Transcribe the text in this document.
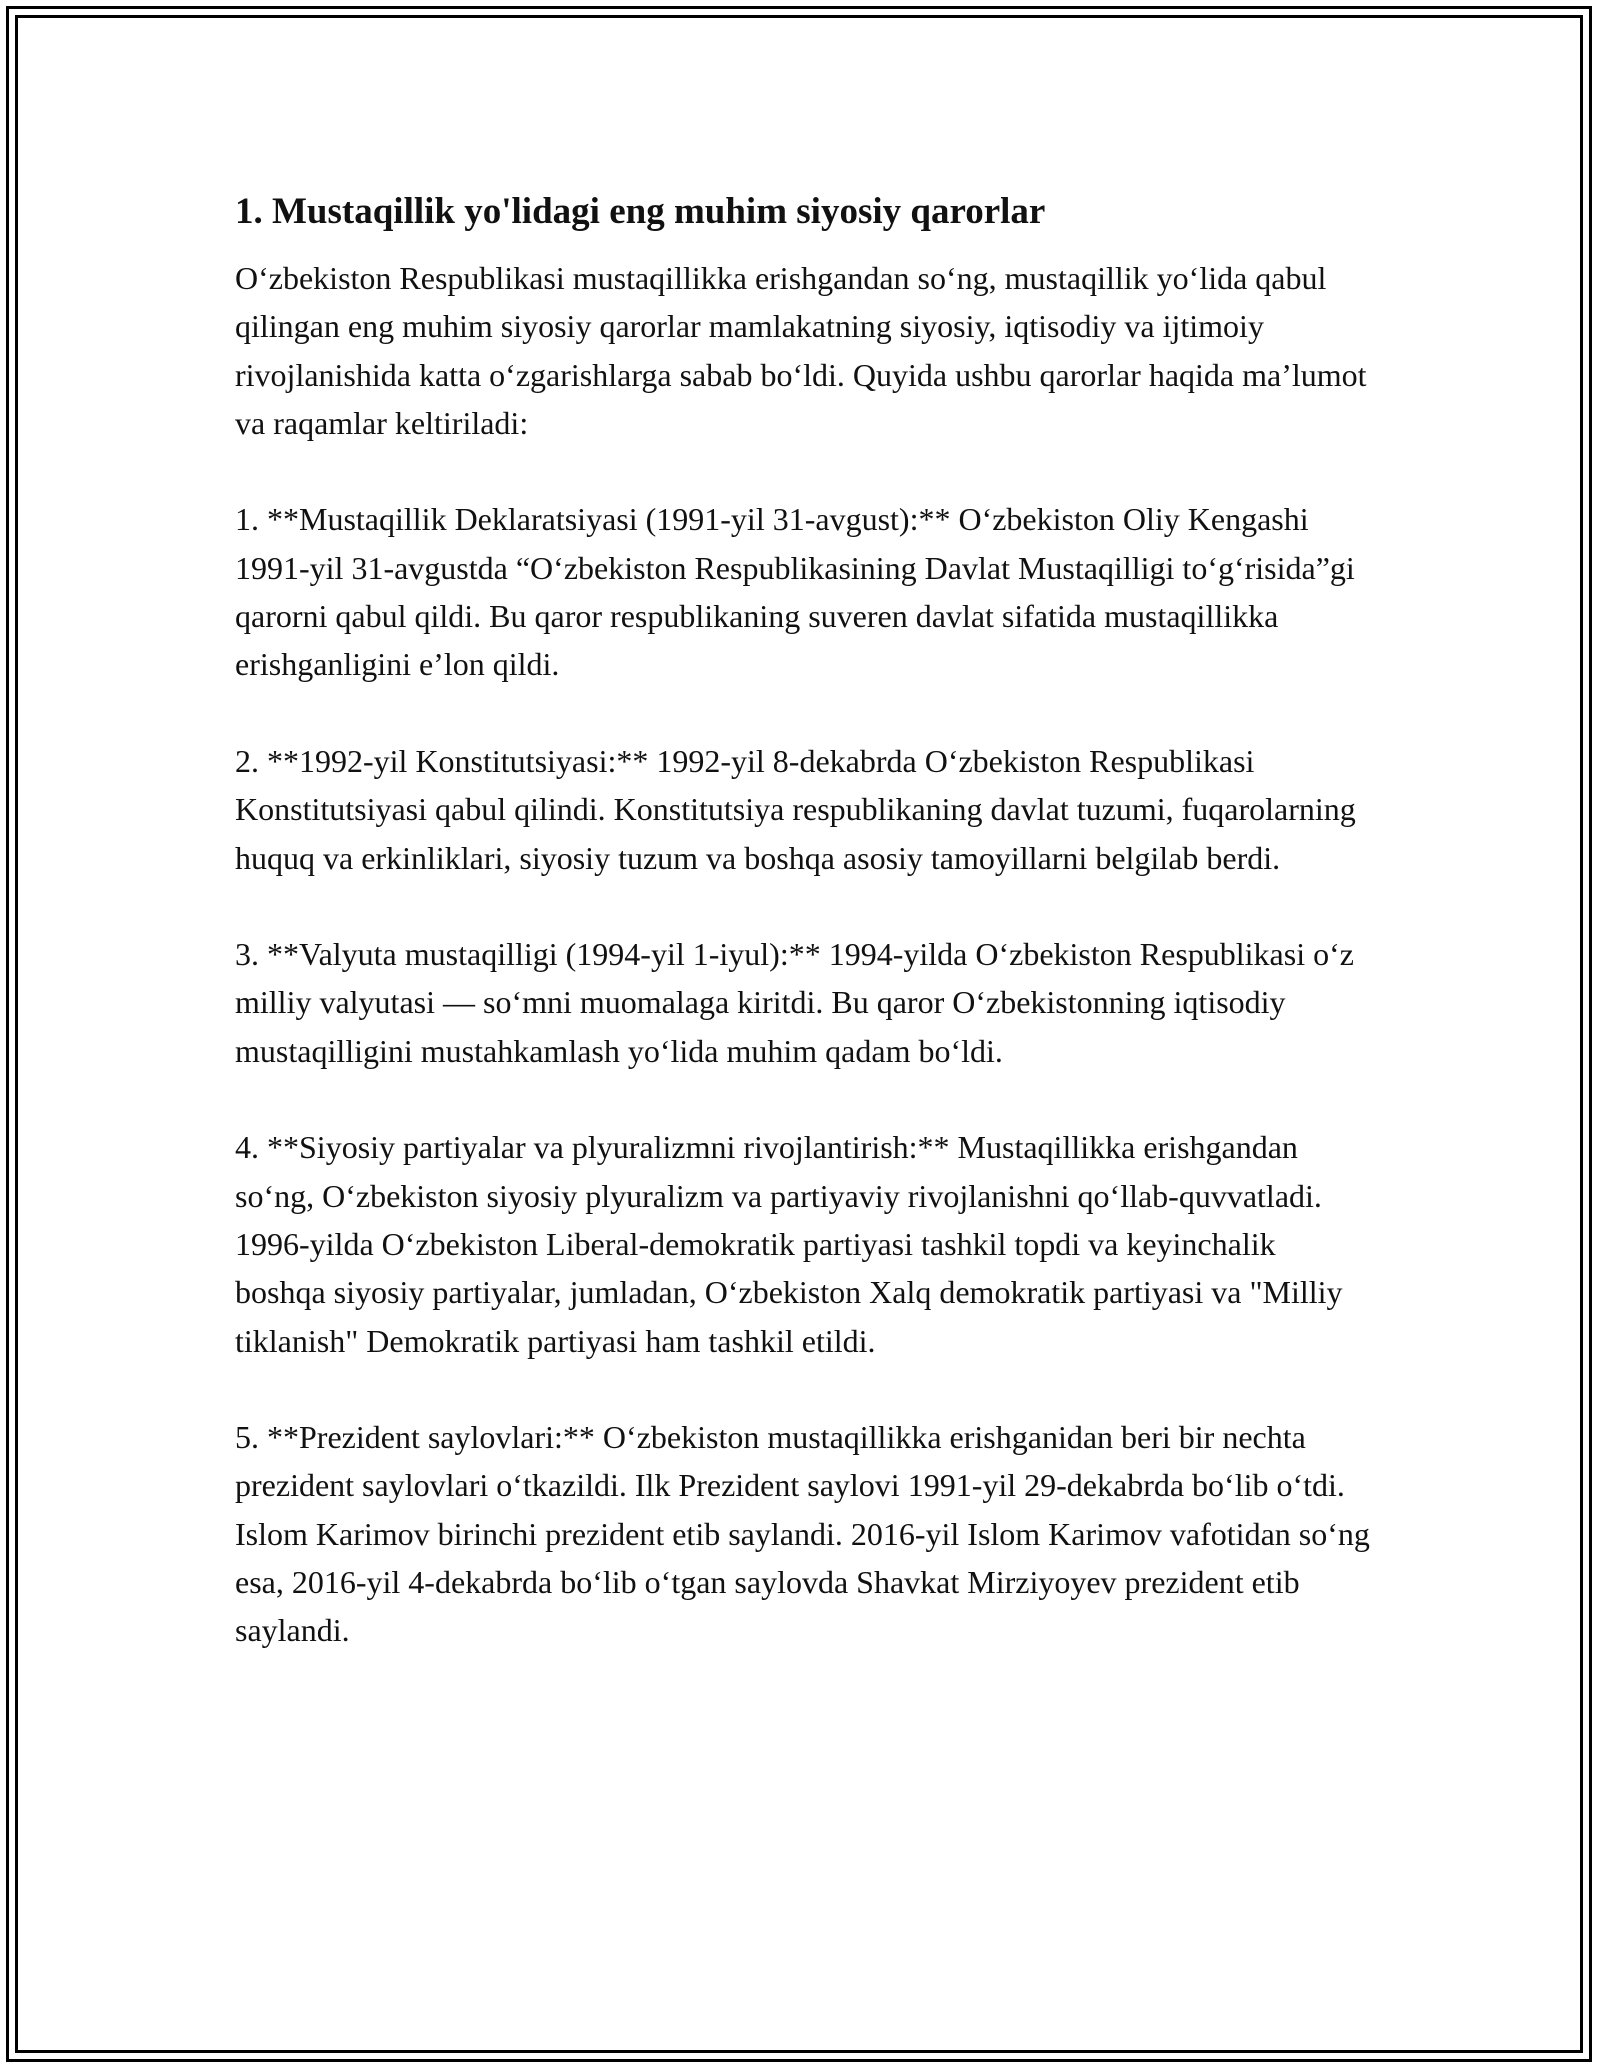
1. Mustaqillik yo'lidagi eng muhim siyosiy qarorlar

O‘zbekiston Respublikasi mustaqillikka erishgandan so‘ng, mustaqillik yo‘lida qabul qilingan eng muhim siyosiy qarorlar mamlakatning siyosiy, iqtisodiy va ijtimoiy rivojlanishida katta o‘zgarishlarga sabab bo‘ldi. Quyida ushbu qarorlar haqida ma’lumot va raqamlar keltiriladi:

1. **Mustaqillik Deklaratsiyasi (1991-yil 31-avgust):** O‘zbekiston Oliy Kengashi 1991-yil 31-avgustda “O‘zbekiston Respublikasining Davlat Mustaqilligi to‘g‘risida”gi qarorni qabul qildi. Bu qaror respublikaning suveren davlat sifatida mustaqillikka erishganligini e’lon qildi.

2. **1992-yil Konstitutsiyasi:** 1992-yil 8-dekabrda O‘zbekiston Respublikasi Konstitutsiyasi qabul qilindi. Konstitutsiya respublikaning davlat tuzumi, fuqarolarning huquq va erkinliklari, siyosiy tuzum va boshqa asosiy tamoyillarni belgilab berdi.

3. **Valyuta mustaqilligi (1994-yil 1-iyul):** 1994-yilda O‘zbekiston Respublikasi o‘z milliy valyutasi — so‘mni muomalaga kiritdi. Bu qaror O‘zbekistonning iqtisodiy mustaqilligini mustahkamlash yo‘lida muhim qadam bo‘ldi.

4. **Siyosiy partiyalar va plyuralizmni rivojlantirish:** Mustaqillikka erishgandan so‘ng, O‘zbekiston siyosiy plyuralizm va partiyaviy rivojlanishni qo‘llab-quvvatladi. 1996-yilda O‘zbekiston Liberal-demokratik partiyasi tashkil topdi va keyinchalik boshqa siyosiy partiyalar, jumladan, O‘zbekiston Xalq demokratik partiyasi va "Milliy tiklanish" Demokratik partiyasi ham tashkil etildi.

5. **Prezident saylovlari:** O‘zbekiston mustaqillikka erishganidan beri bir nechta prezident saylovlari o‘tkazildi. Ilk Prezident saylovi 1991-yil 29-dekabrda bo‘lib o‘tdi. Islom Karimov birinchi prezident etib saylandi. 2016-yil Islom Karimov vafotidan so‘ng esa, 2016-yil 4-dekabrda bo‘lib o‘tgan saylovda Shavkat Mirziyoyev prezident etib saylandi.
